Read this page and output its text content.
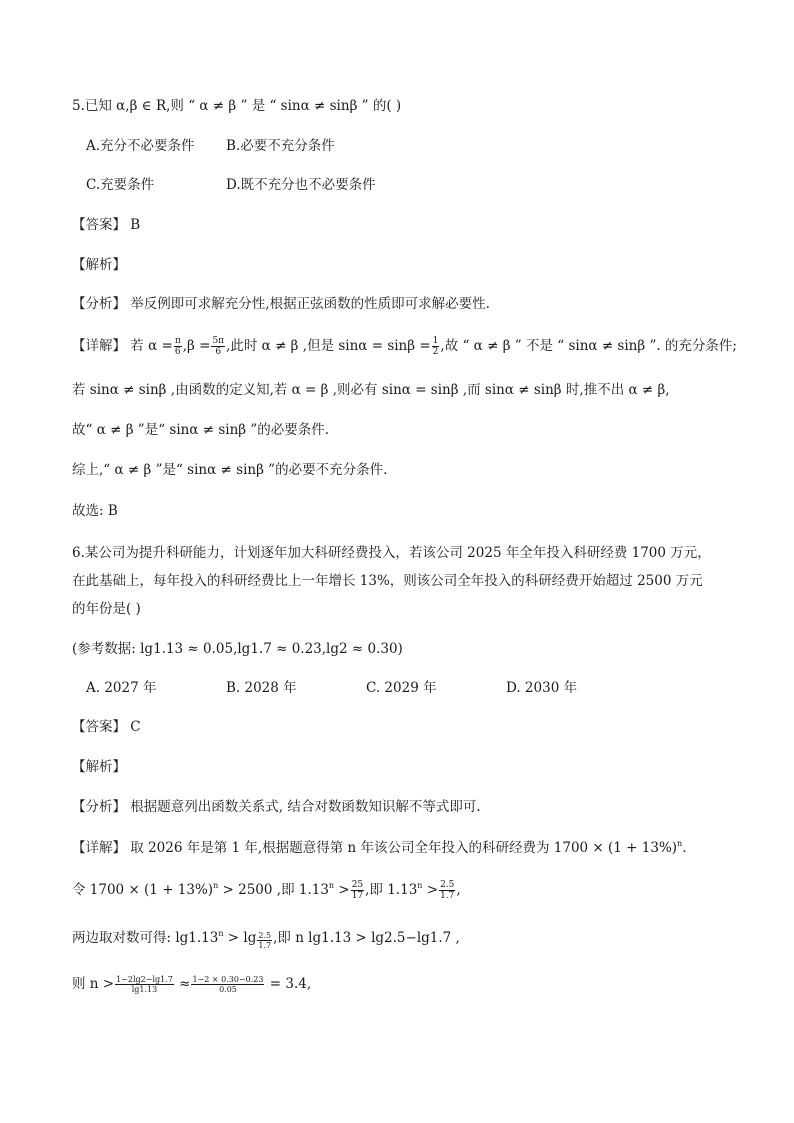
5.已知 α,β ∈ R,则 “ α ≠ β ” 是 “ sinα ≠ sinβ ” 的( )
A.充分不必要条件 B.必要不充分条件
C.充要条件	D.既不充分也不必要条件
【答案】 B
【解析】
【分析】 举反例即可求解充分性,根据正弦函数的性质即可求解必要性.
【详解】 若 $\alpha = \frac{\pi}{6} ,\beta = \frac{5\pi}{6}$ ,此时 α ≠ β ,但是 $\sin\alpha = \sin\beta = \frac{1}{2}$ ,故 “ α ≠ β ” 不是 “ sinα ≠ sinβ ”. 的充分条件;
若 sinα ≠ sinβ ,由函数的定义知,若 α = β ,则必有 sinα = sinβ ,而 sinα ≠ sinβ 时,推不出 α ≠ β,
故“ α ≠ β ”是“ sinα ≠ sinβ ”的必要条件.
综上,“ α ≠ β ”是“ sinα ≠ sinβ ”的必要不充分条件.
故选: B
6.某公司为提升科研能力，计划逐年加大科研经费投入，若该公司 2025 年全年投入科研经费 1700 万元，
在此基础上，每年投入的科研经费比上一年增长 13%，则该公司全年投入的科研经费开始超过 2500 万元
的年份是( )
(参考数据: lg1.13 ≈ 0.05,lg1.7 ≈ 0.23,lg2 ≈ 0.30)
A. 2027 年	B. 2028 年	C. 2029 年	D. 2030 年
【答案】 C
【解析】
【分析】 根据题意列出函数关系式, 结合对数函数知识解不等式即可.
【详解】 取 2026 年是第 1 年,根据题意得第 n 年该公司全年投入的科研经费为 $1700 \times (1 + 13\%)^n$.
令 $1700 \times (1 + 13\%)^n > 2500$ ,即 $1.13^n > \frac{25}{17}$ ,即 $1.13^n > \frac{2.5}{1.7}$ ,
两边取对数可得: $\lg 1.13^n > \lg \frac{2.5}{1.7}$ ,即 n lg1.13 > lg2.5−lg1.7 ,
则 $n > \frac{1-2\lg 2-\lg 1.7}{\lg 1.13} \approx \frac{1-2 \times 0.30-0.23}{0.05} = 3.4$,
